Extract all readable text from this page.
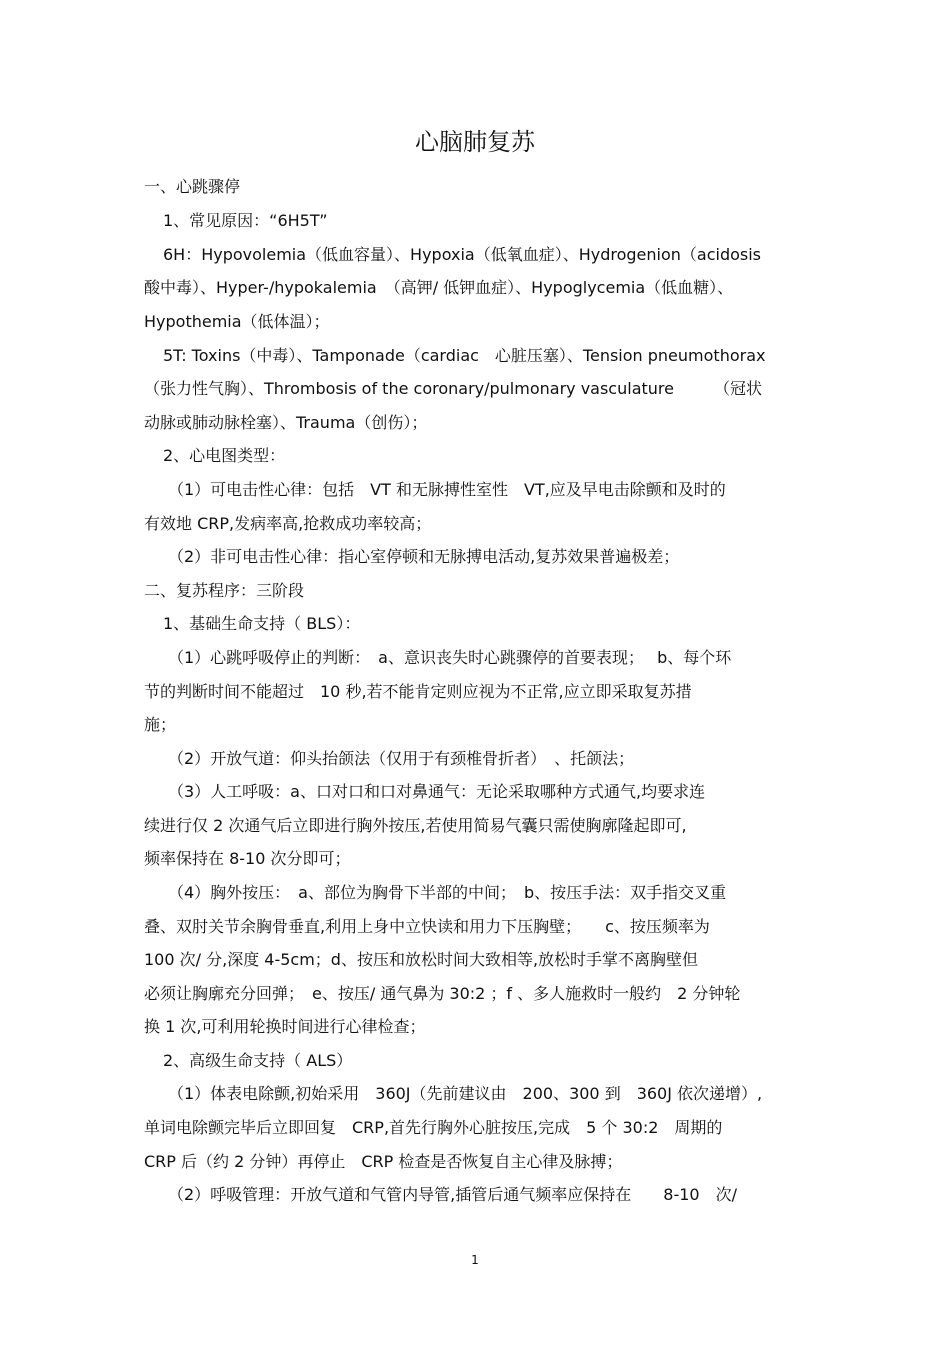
心脑肺复苏
一、心跳骤停
1、常见原因：“6H5T”
6H：Hypovolemia（低血容量）、Hypoxia（低氧血症）、Hydrogenion（acidosis
酸中毒）、Hyper-/hypokalemia　（高钾/ 低钾血症）、Hypoglycemia（低血糖）、
Hypothemia（低体温）；
5T: Toxins（中毒）、Tamponade（cardiac　心脏压塞）、Tension pneumothorax
（张力性气胸）、Thrombosis of the coronary/pulmonary vasculature　　　（冠状
动脉或肺动脉栓塞）、Trauma（创伤）；
2、心电图类型：
（1）可电击性心律：包括　VT 和无脉搏性室性　VT,应及早电击除颤和及时的
有效地 CRP,发病率高,抢救成功率较高；
（2）非可电击性心律：指心室停顿和无脉搏电活动,复苏效果普遍极差；
二、复苏程序：三阶段
1、基础生命支持（ BLS）：
（1）心跳呼吸停止的判断：　a、意识丧失时心跳骤停的首要表现；　 b、每个环
节的判断时间不能超过　10 秒,若不能肯定则应视为不正常,应立即采取复苏措
施；
（2）开放气道：仰头抬颌法（仅用于有颈椎骨折者）　、托颌法；
（3）人工呼吸：a、口对口和口对鼻通气：无论采取哪种方式通气,均要求连
续进行仅 2 次通气后立即进行胸外按压,若使用简易气囊只需使胸廓隆起即可,
频率保持在 8-10 次分即可；
（4）胸外按压：　a、部位为胸骨下半部的中间；　b、按压手法：双手指交叉重
叠、双肘关节余胸骨垂直,利用上身中立快读和用力下压胸壁；　　c、按压频率为
100 次/ 分,深度 4-5cm；d、按压和放松时间大致相等,放松时手掌不离胸壁但
必须让胸廓充分回弹；　e、按压/ 通气鼻为 30:2 ；f 、多人施救时一般约　2 分钟轮
换 1 次,可利用轮换时间进行心律检查；
2、高级生命支持（ ALS）
（1）体表电除颤,初始采用　360J（先前建议由　200、300 到　360J 依次递增）,
单词电除颤完毕后立即回复　CRP,首先行胸外心脏按压,完成　5 个 30:2　周期的
CRP 后（约 2 分钟）再停止　CRP 检查是否恢复自主心律及脉搏；
（2）呼吸管理：开放气道和气管内导管,插管后通气频率应保持在　　8-10　次/
1
